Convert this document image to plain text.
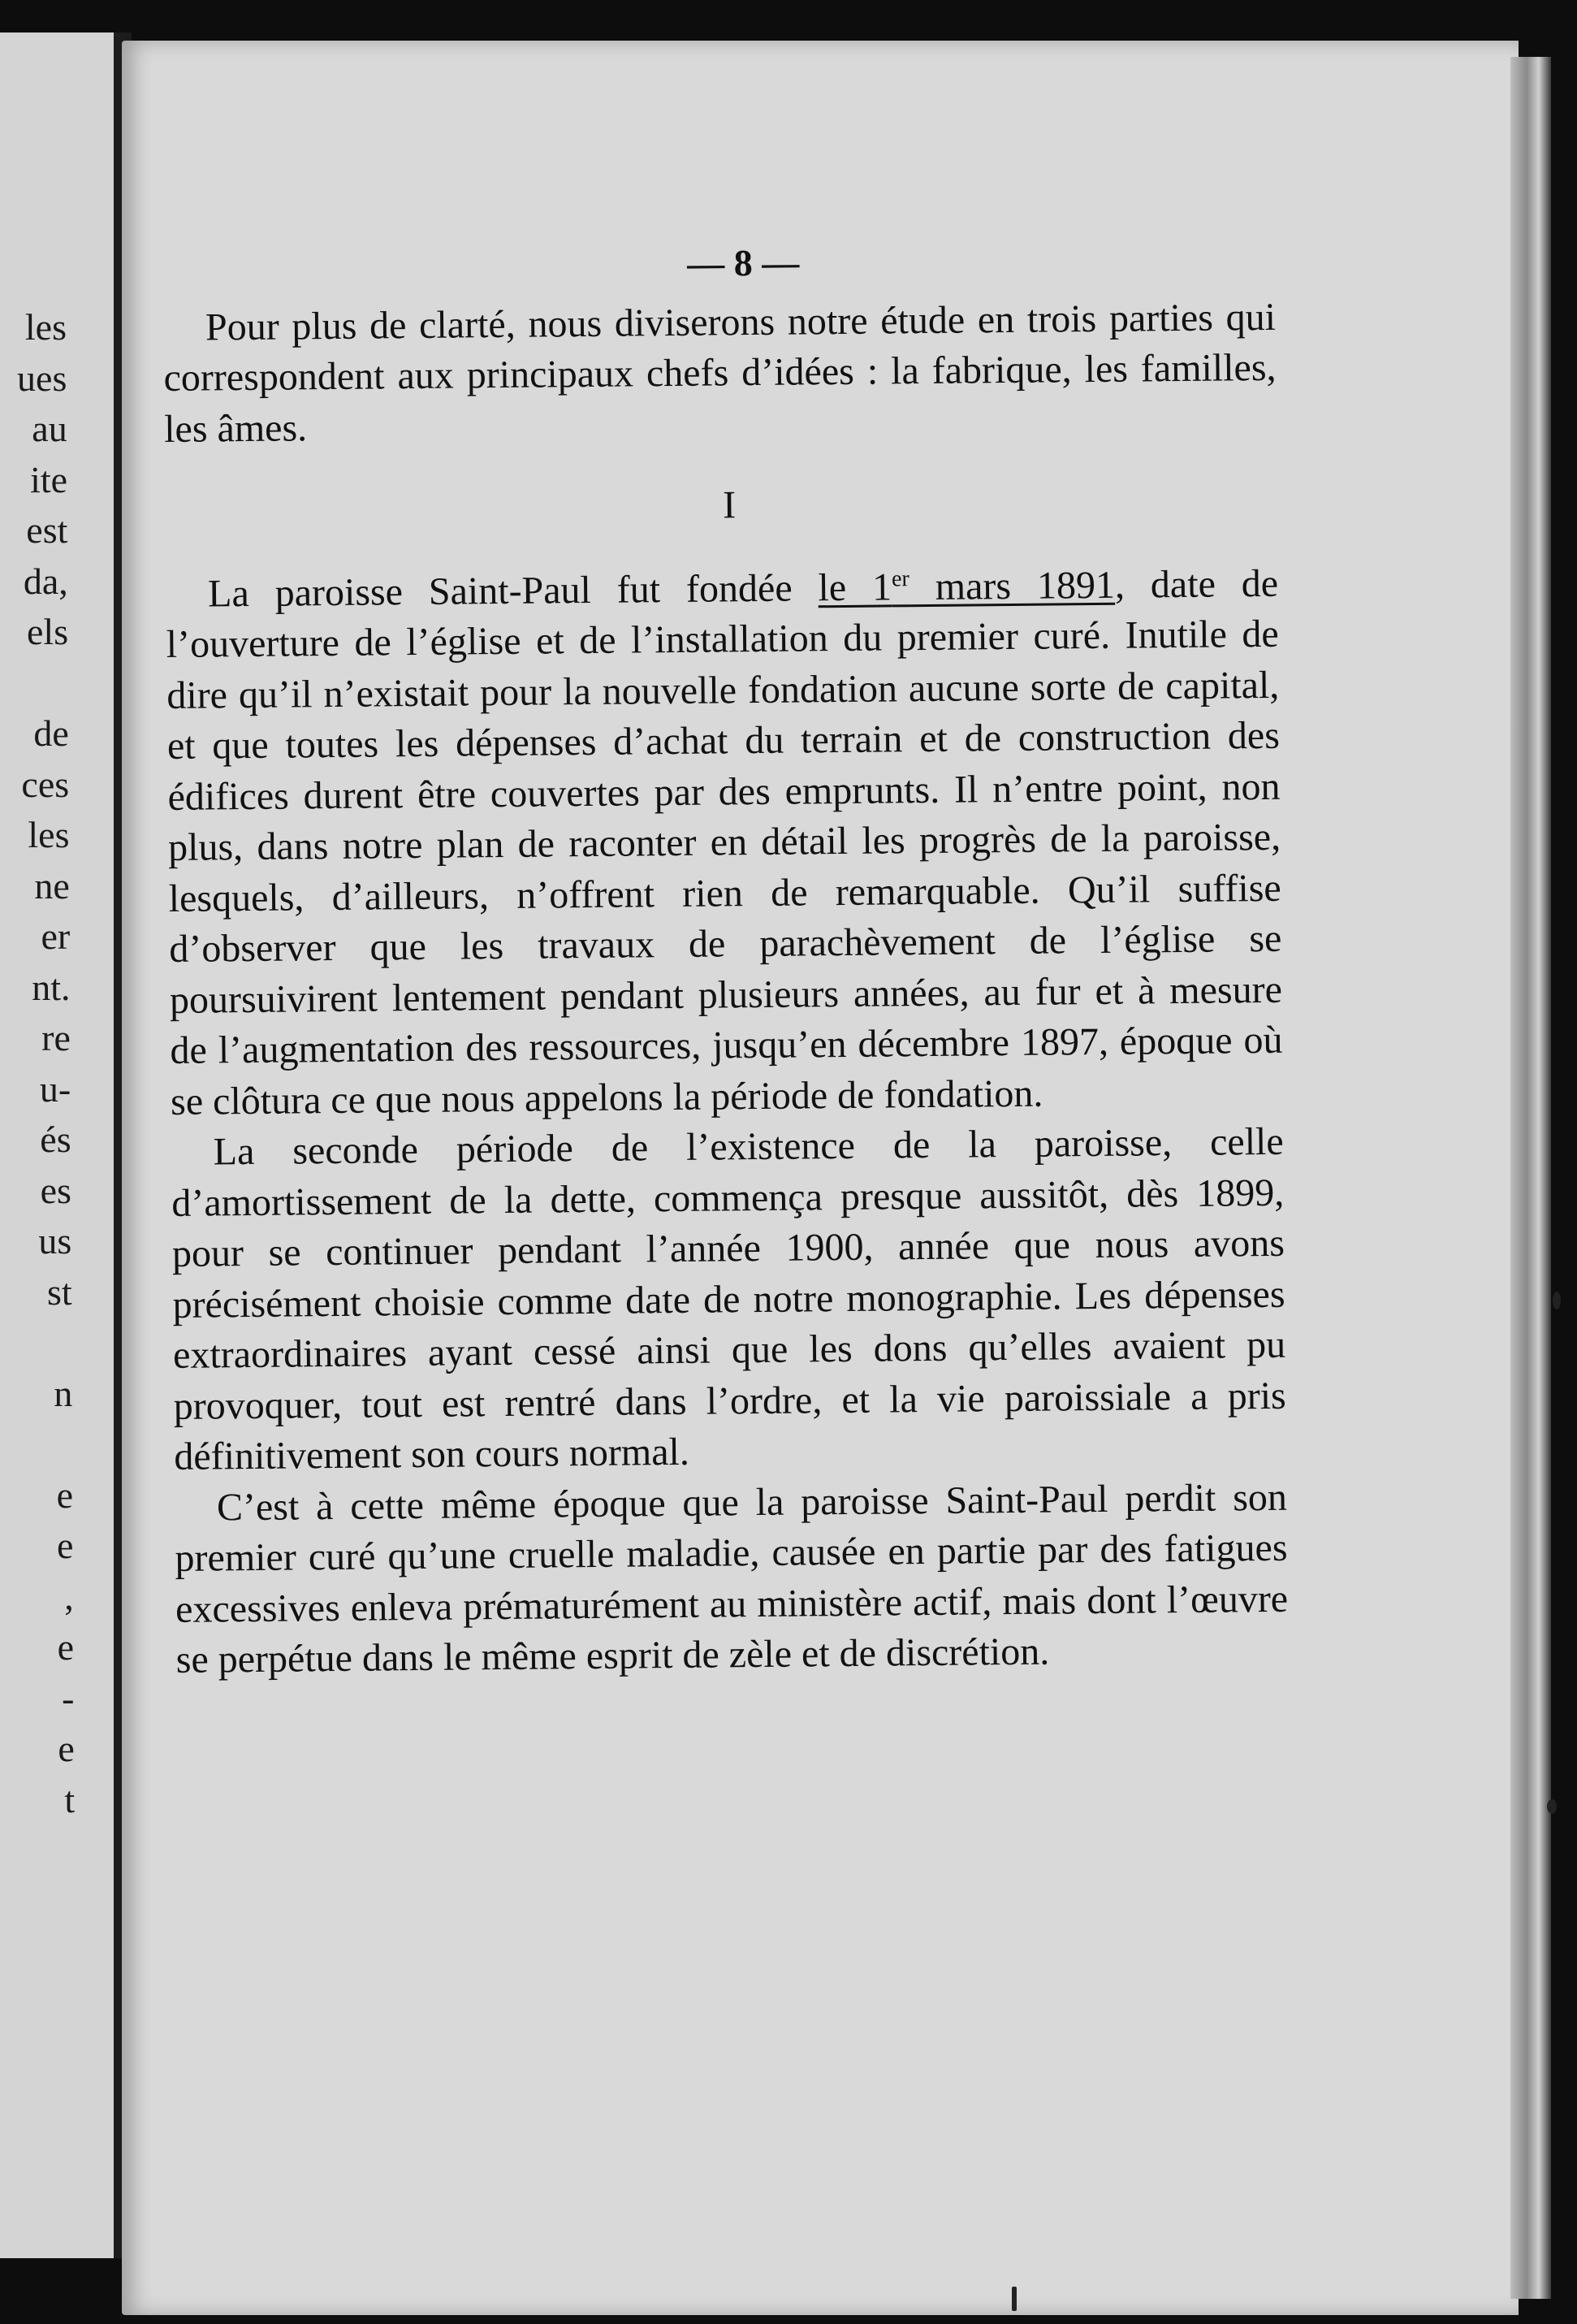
les
ues
au
ite
est
da,
els
de
ces
les
ne
er
nt.
re
u-
és
es
us
st
n
e
e
,
e
-
e
t

— 8 —

Pour plus de clarté, nous diviserons notre étude en trois parties qui correspondent aux principaux chefs d’idées : la fabrique, les familles, les âmes.

I

La paroisse Saint-Paul fut fondée le 1er mars 1891, date de l’ouverture de l’église et de l’installation du premier curé. Inutile de dire qu’il n’existait pour la nouvelle fondation aucune sorte de capital, et que toutes les dépenses d’achat du terrain et de construction des édifices durent être couvertes par des emprunts. Il n’entre point, non plus, dans notre plan de raconter en détail les progrès de la paroisse, lesquels, d’ailleurs, n’offrent rien de remarquable. Qu’il suffise d’observer que les travaux de parachèvement de l’église se poursuivirent lentement pendant plusieurs années, au fur et à mesure de l’augmentation des ressources, jusqu’en décembre 1897, époque où se clôtura ce que nous appelons la période de fondation.

La seconde période de l’existence de la paroisse, celle d’amortissement de la dette, commença presque aussitôt, dès 1899, pour se continuer pendant l’année 1900, année que nous avons précisément choisie comme date de notre monographie. Les dépenses extraordinaires ayant cessé ainsi que les dons qu’elles avaient pu provoquer, tout est rentré dans l’ordre, et la vie paroissiale a pris définitivement son cours normal.

C’est à cette même époque que la paroisse Saint-Paul perdit son premier curé qu’une cruelle maladie, causée en partie par des fatigues excessives enleva prématurément au ministère actif, mais dont l’œuvre se perpétue dans le même esprit de zèle et de discrétion.
